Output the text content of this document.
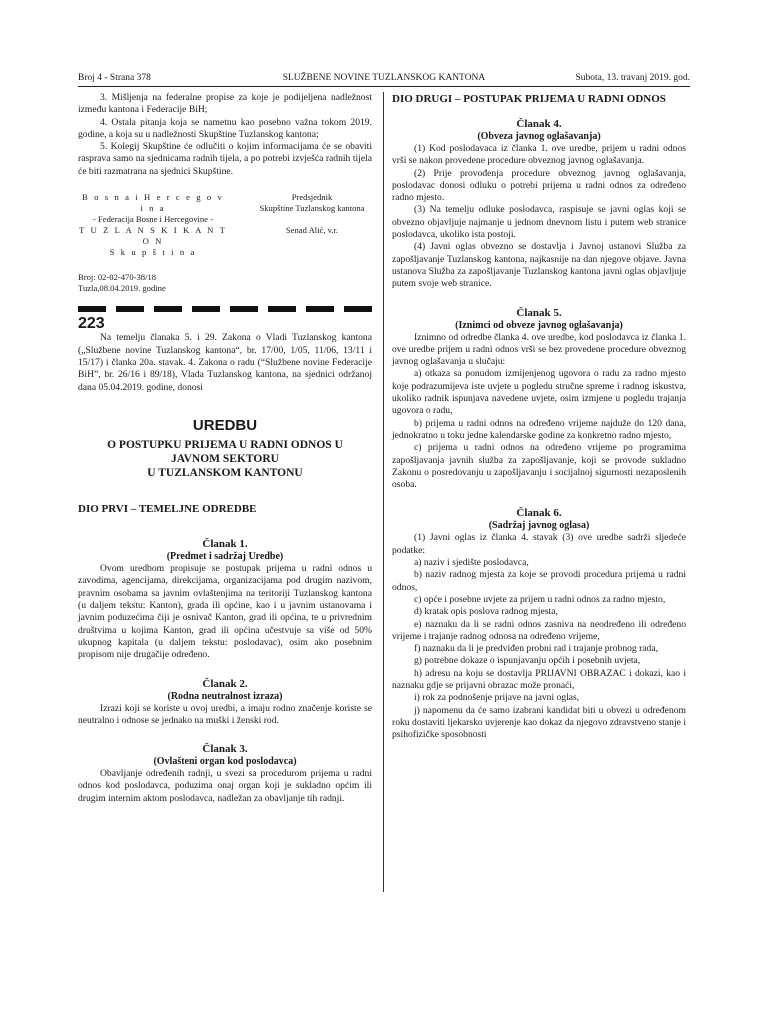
Broj 4 - Strana 378	SLUŽBENE NOVINE TUZLANSKOG KANTONA	Subota, 13. travanj 2019. god.

3. Mišljenja na federalne propise za koje je podijeljena nadležnost između kantona i Federacije BiH;

4. Ostala pitanja koja se nametnu kao posebno važna tokom 2019. godine, a koja su u nadležnosti Skupštine Tuzlanskog kantona;

5. Kolegij Skupštine će odlučiti o kojim informacijama će se obaviti rasprava samo na sjednicama radnih tijela, a po potrebi izvješća radnih tijela će biti razmatrana na sjednici Skupštine.

B o s n a i H e r c e g o v i n a
- Federacija Bosne i Hercegovine -
T U Z L A N S K I K A N T O N
S k u p š t i n a
Predsjednik
Skupštine Tuzlanskog kantona

Senad Alić, v.r.
Broj: 02-02-470-38/18
Tuzla,08.04.2019. godine
223

Na temelju članaka 5. i 29. Zakona o Vladi Tuzlanskog kantona („Službene novine Tuzlanskog kantona“, br. 17/00, 1/05, 11/06, 13/11 i 15/17) i članka 20a. stavak. 4. Zakona o radu (“Službene novine Federacije BiH”, br. 26/16 i 89/18), Vlada Tuzlanskog kantona, na sjednici održanoj dana 05.04.2019. godine, donosi

UREDBU
O POSTUPKU PRIJEMA U RADNI ODNOS U
JAVNOM SEKTORU
U TUZLANSKOM KANTONU
DIO PRVI – TEMELJNE ODREDBE
Članak 1.
(Predmet i sadržaj Uredbe)

Ovom uredbom propisuje se postupak prijema u radni odnos u zavodima, agencijama, direkcijama, organizacijama pod drugim nazivom, pravnim osobama sa javnim ovlaštenjima na teritoriji Tuzlanskog kantona (u daljem tekstu: Kanton), grada ili općine, kao i u javnim ustanovama i javnim poduzećima čiji je osnivač Kanton, grad ili općina, te u privrednim društvima u kojima Kanton, grad ili općina učestvuje sa više od 50% ukupnog kapitala (u daljem tekstu: poslodavac), osim ako posebnim propisom nije drugačije određeno.

Članak 2.
(Rodna neutralnost izraza)

Izrazi koji se koriste u ovoj uredbi, a imaju rodno značenje koriste se neutralno i odnose se jednako na muški i ženski rod.

Članak 3.
(Ovlašteni organ kod poslodavca)

Obavljanje određenih radnji, u svezi sa procedurom prijema u radni odnos kod poslodavca, poduzima onaj organ koji je sukladno općim ili drugim internim aktom poslodavca, nadležan za obavljanje tih radnji.

DIO DRUGI – POSTUPAK PRIJEMA U RADNI ODNOS
Članak 4.
(Obveza javnog oglašavanja)

(1) Kod poslodavaca iz članka 1. ove uredbe, prijem u radni odnos vrši se nakon provedene procedure obveznog javnog oglašavanja.

(2) Prije provođenja procedure obveznog javnog oglašavanja, poslodavac donosi odluku o potrebi prijema u radni odnos za određeno radno mjesto.

(3) Na temelju odluke poslodavca, raspisuje se javni oglas koji se obvezno objavljuje najmanje u jednom dnevnom listu i putem web stranice poslodavca, ukoliko ista postoji.

(4) Javni oglas obvezno se dostavlja i Javnoj ustanovi Služba za zapošljavanje Tuzlanskog kantona, najkasnije na dan njegove objave. Javna ustanova Služba za zapošljavanje Tuzlanskog kantona javni oglas objavljuje putem svoje web stranice.

Članak 5.
(Iznimci od obveze javnog oglašavanja)

Iznimno od odredbe članka 4. ove uredbe, kod poslodavca iz članka 1. ove uredbe prijem u radni odnos vrši se bez provedene procedure obveznog javnog oglašavanja u slučaju:

a) otkaza sa ponudom izmijenjenog ugovora o radu za radno mjesto koje podrazumijeva iste uvjete u pogledu stručne spreme i radnog iskustva, ukoliko radnik ispunjava navedene uvjete, osim izmjene u pogledu trajanja ugovora o radu,

b) prijema u radni odnos na određeno vrijeme najduže do 120 dana, jednokratno u toku jedne kalendarske godine za konkretno radno mjesto,

c) prijema u radni odnos na određeno vrijeme po programima zapošljavanja javnih služba za zapošljavanje, koji se provode sukladno Zakonu o posredovanju u zapošljavanju i socijalnoj sigurnosti nezaposlenih osoba.

Članak 6.
(Sadržaj javnog oglasa)

(1) Javni oglas iz članka 4. stavak (3) ove uredbe sadrži sljedeće podatke:

a) naziv i sjedište poslodavca,

b) naziv radnog mjesta za koje se provodi procedura prijema u radni odnos,

c) opće i posebne uvjete za prijem u radni odnos za radno mjesto,

d) kratak opis poslova radnog mjesta,

e) naznaku da li se radni odnos zasniva na neodređeno ili određeno vrijeme i trajanje radnog odnosa na određeno vrijeme,

f) naznaku da li je predviđen probni rad i trajanje probnog rada,

g) potrebne dokaze o ispunjavanju općih i posebnih uvjeta,

h) adresu na koju se dostavlja PRIJAVNI OBRAZAC i dokazi, kao i naznaku gdje se prijavni obrazac može pronaći,

i) rok za podnošenje prijave na javni oglas,

j) napomenu da će samo izabrani kandidat biti u obvezi u određenom roku dostaviti ljekarsko uvjerenje kao dokaz da njegovo zdravstveno stanje i psihofizičke sposobnosti
